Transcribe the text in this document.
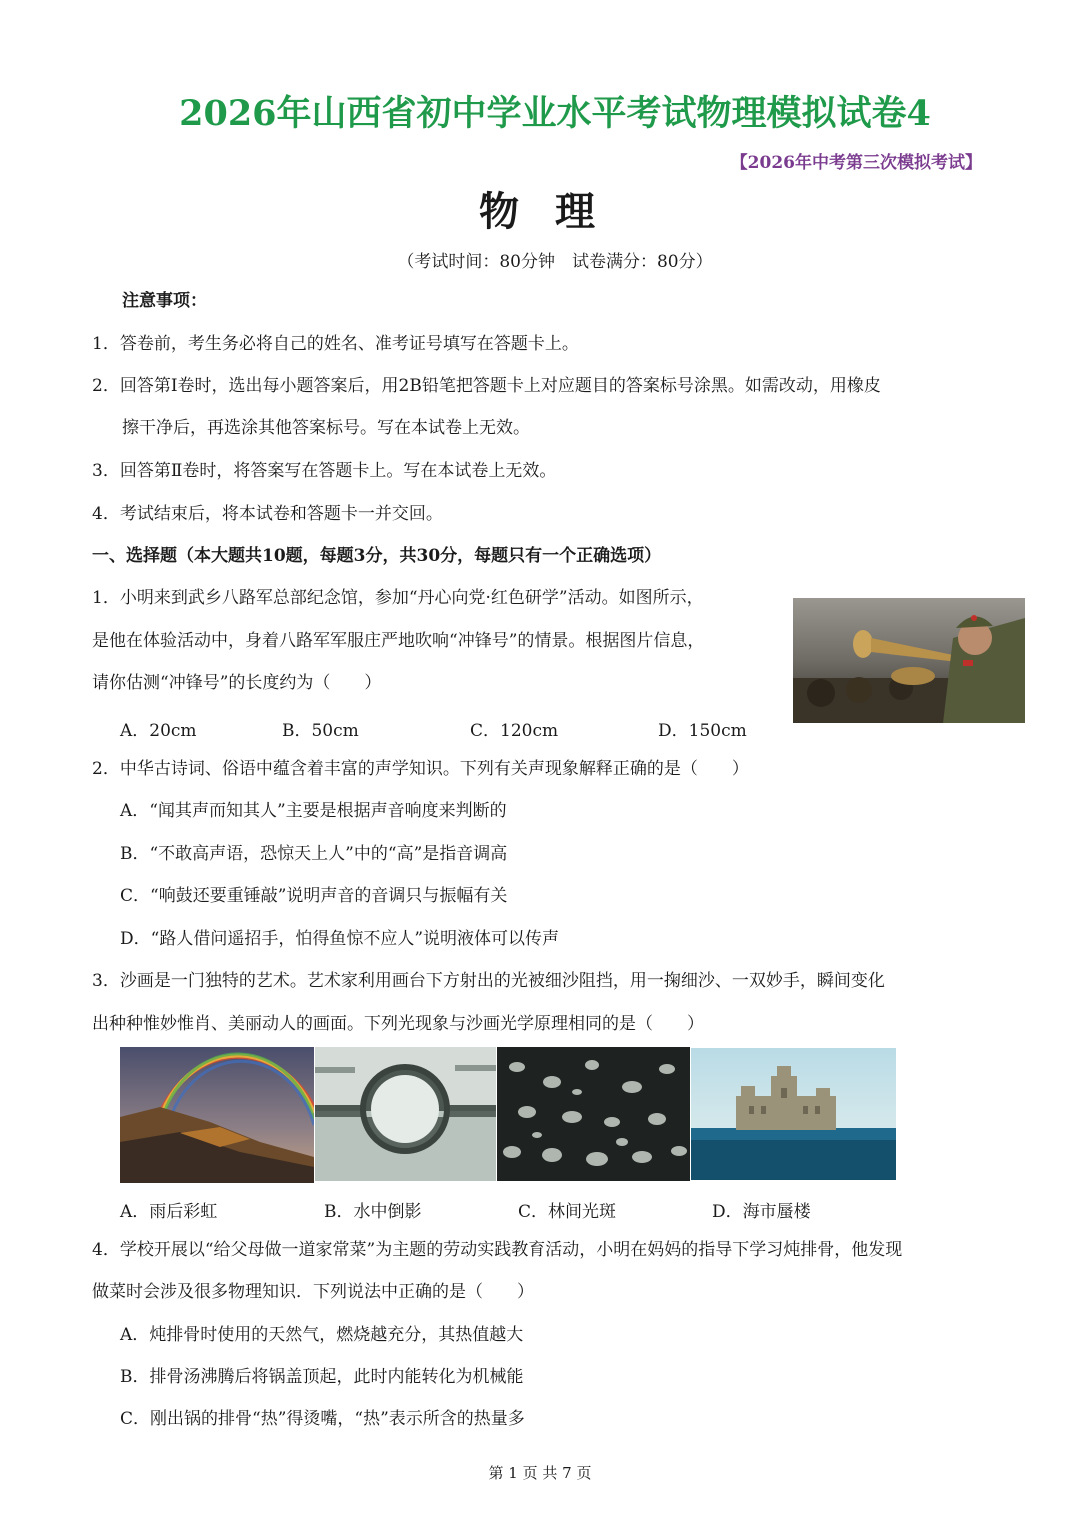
2026年山西省初中学业水平考试物理模拟试卷4
【2026年中考第三次模拟考试】
物理
（考试时间：80分钟　试卷满分：80分）
注意事项：
1．答卷前，考生务必将自己的姓名、准考证号填写在答题卡上。
2．回答第Ⅰ卷时，选出每小题答案后，用2B铅笔把答题卡上对应题目的答案标号涂黑。如需改动，用橡皮
擦干净后，再选涂其他答案标号。写在本试卷上无效。
3．回答第Ⅱ卷时，将答案写在答题卡上。写在本试卷上无效。
4．考试结束后，将本试卷和答题卡一并交回。
一、选择题（本大题共10题，每题3分，共30分，每题只有一个正确选项）
1．小明来到武乡八路军总部纪念馆，参加“丹心向党·红色研学”活动。如图所示，
是他在体验活动中，身着八路军军服庄严地吹响“冲锋号”的情景。根据图片信息，
请你估测“冲锋号”的长度约为（　　）
A．20cm	B．50cm	C．120cm	D．150cm
2．中华古诗词、俗语中蕴含着丰富的声学知识。下列有关声现象解释正确的是（　　）
A．“闻其声而知其人”主要是根据声音响度来判断的
B．“不敢高声语，恐惊天上人”中的“高”是指音调高
C．“响鼓还要重锤敲”说明声音的音调只与振幅有关
D．“路人借问遥招手，怕得鱼惊不应人”说明液体可以传声
3．沙画是一门独特的艺术。艺术家利用画台下方射出的光被细沙阻挡，用一掬细沙、一双妙手，瞬间变化
出种种惟妙惟肖、美丽动人的画面。下列光现象与沙画光学原理相同的是（　　）
A．雨后彩虹	B．水中倒影	C．林间光斑	D．海市蜃楼
4．学校开展以“给父母做一道家常菜”为主题的劳动实践教育活动，小明在妈妈的指导下学习炖排骨，他发现
做菜时会涉及很多物理知识．下列说法中正确的是（　　）
A．炖排骨时使用的天然气，燃烧越充分，其热值越大
B．排骨汤沸腾后将锅盖顶起，此时内能转化为机械能
C．刚出锅的排骨“热”得烫嘴，“热”表示所含的热量多
第 1 页 共 7 页
